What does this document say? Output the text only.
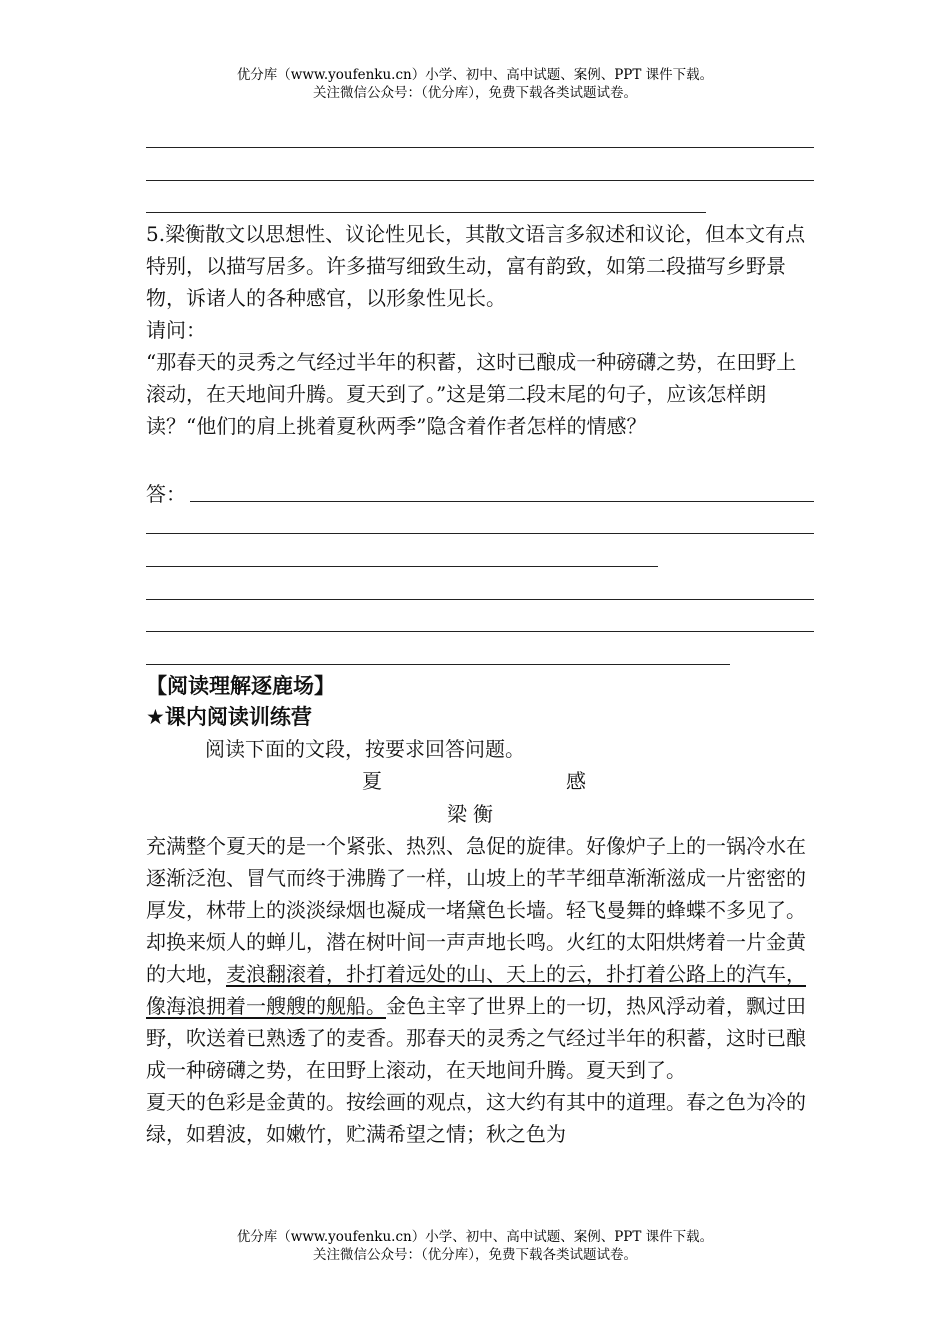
优分库（www.youfenku.cn）小学、初中、高中试题、案例、PPT 课件下载。
关注微信公众号：（优分库），免费下载各类试题试卷。

5.梁衡散文以思想性、议论性见长，其散文语言多叙述和议论，但本文有点特别，以描写居多。许多描写细致生动，富有韵致，如第二段描写乡野景物，诉诸人的各种感官，以形象性见长。

请问：

“那春天的灵秀之气经过半年的积蓄，这时已酿成一种磅礴之势，在田野上滚动，在天地间升腾。夏天到了。”这是第二段末尾的句子，应该怎样朗读？“他们的肩上挑着夏秋两季”隐含着作者怎样的情感？

答：
【阅读理解逐鹿场】
★课内阅读训练营
阅读下面的文段，按要求回答问题。
夏	感
梁衡

充满整个夏天的是一个紧张、热烈、急促的旋律。好像炉子上的一锅冷水在逐渐泛泡、冒气而终于沸腾了一样，山坡上的芊芊细草渐渐滋成一片密密的厚发，林带上的淡淡绿烟也凝成一堵黛色长墙。轻飞曼舞的蜂蝶不多见了。却换来烦人的蝉儿，潜在树叶间一声声地长鸣。火红的太阳烘烤着一片金黄的大地，麦浪翻滚着，扑打着远处的山、天上的云，扑打着公路上的汽车，像海浪拥着一艘艘的舰船。金色主宰了世界上的一切，热风浮动着，飘过田野，吹送着已熟透了的麦香。那春天的灵秀之气经过半年的积蓄，这时已酿成一种磅礴之势，在田野上滚动，在天地间升腾。夏天到了。

夏天的色彩是金黄的。按绘画的观点，这大约有其中的道理。春之色为冷的绿，如碧波，如嫩竹，贮满希望之情；秋之色为

优分库（www.youfenku.cn）小学、初中、高中试题、案例、PPT 课件下载。
关注微信公众号：（优分库），免费下载各类试题试卷。
